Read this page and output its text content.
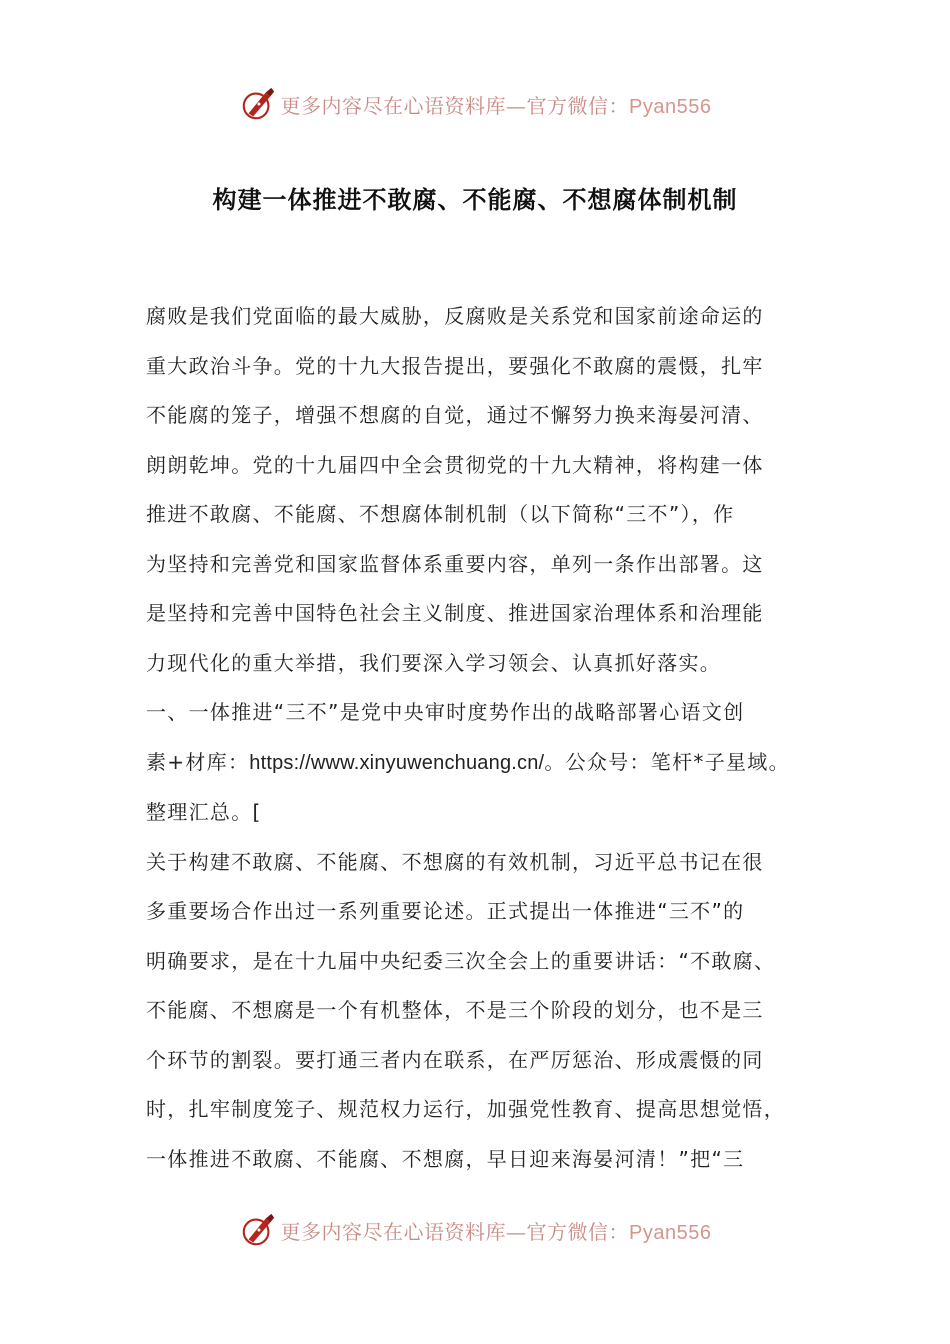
更多内容尽在心语资料库—官方微信：Pyan556
构建一体推进不敢腐、不能腐、不想腐体制机制

腐败是我们党面临的最大威胁，反腐败是关系党和国家前途命运的
重大政治斗争。党的十九大报告提出，要强化不敢腐的震慑，扎牢
不能腐的笼子，增强不想腐的自觉，通过不懈努力换来海晏河清、
朗朗乾坤。党的十九届四中全会贯彻党的十九大精神，将构建一体
推进不敢腐、不能腐、不想腐体制机制（以下简称“三不”），作
为坚持和完善党和国家监督体系重要内容，单列一条作出部署。这
是坚持和完善中国特色社会主义制度、推进国家治理体系和治理能
力现代化的重大举措，我们要深入学习领会、认真抓好落实。

一、一体推进“三不”是党中央审时度势作出的战略部署心语文创
素+材库：https://www.xinyuwenchuang.cn/。公众号：笔杆*子星域。
整理汇总。[

关于构建不敢腐、不能腐、不想腐的有效机制，习近平总书记在很
多重要场合作出过一系列重要论述。正式提出一体推进“三不”的
明确要求，是在十九届中央纪委三次全会上的重要讲话：“不敢腐、
不能腐、不想腐是一个有机整体，不是三个阶段的划分，也不是三
个环节的割裂。要打通三者内在联系，在严厉惩治、形成震慑的同
时，扎牢制度笼子、规范权力运行，加强党性教育、提高思想觉悟，
一体推进不敢腐、不能腐、不想腐，早日迎来海晏河清！”把“三

更多内容尽在心语资料库—官方微信：Pyan556
